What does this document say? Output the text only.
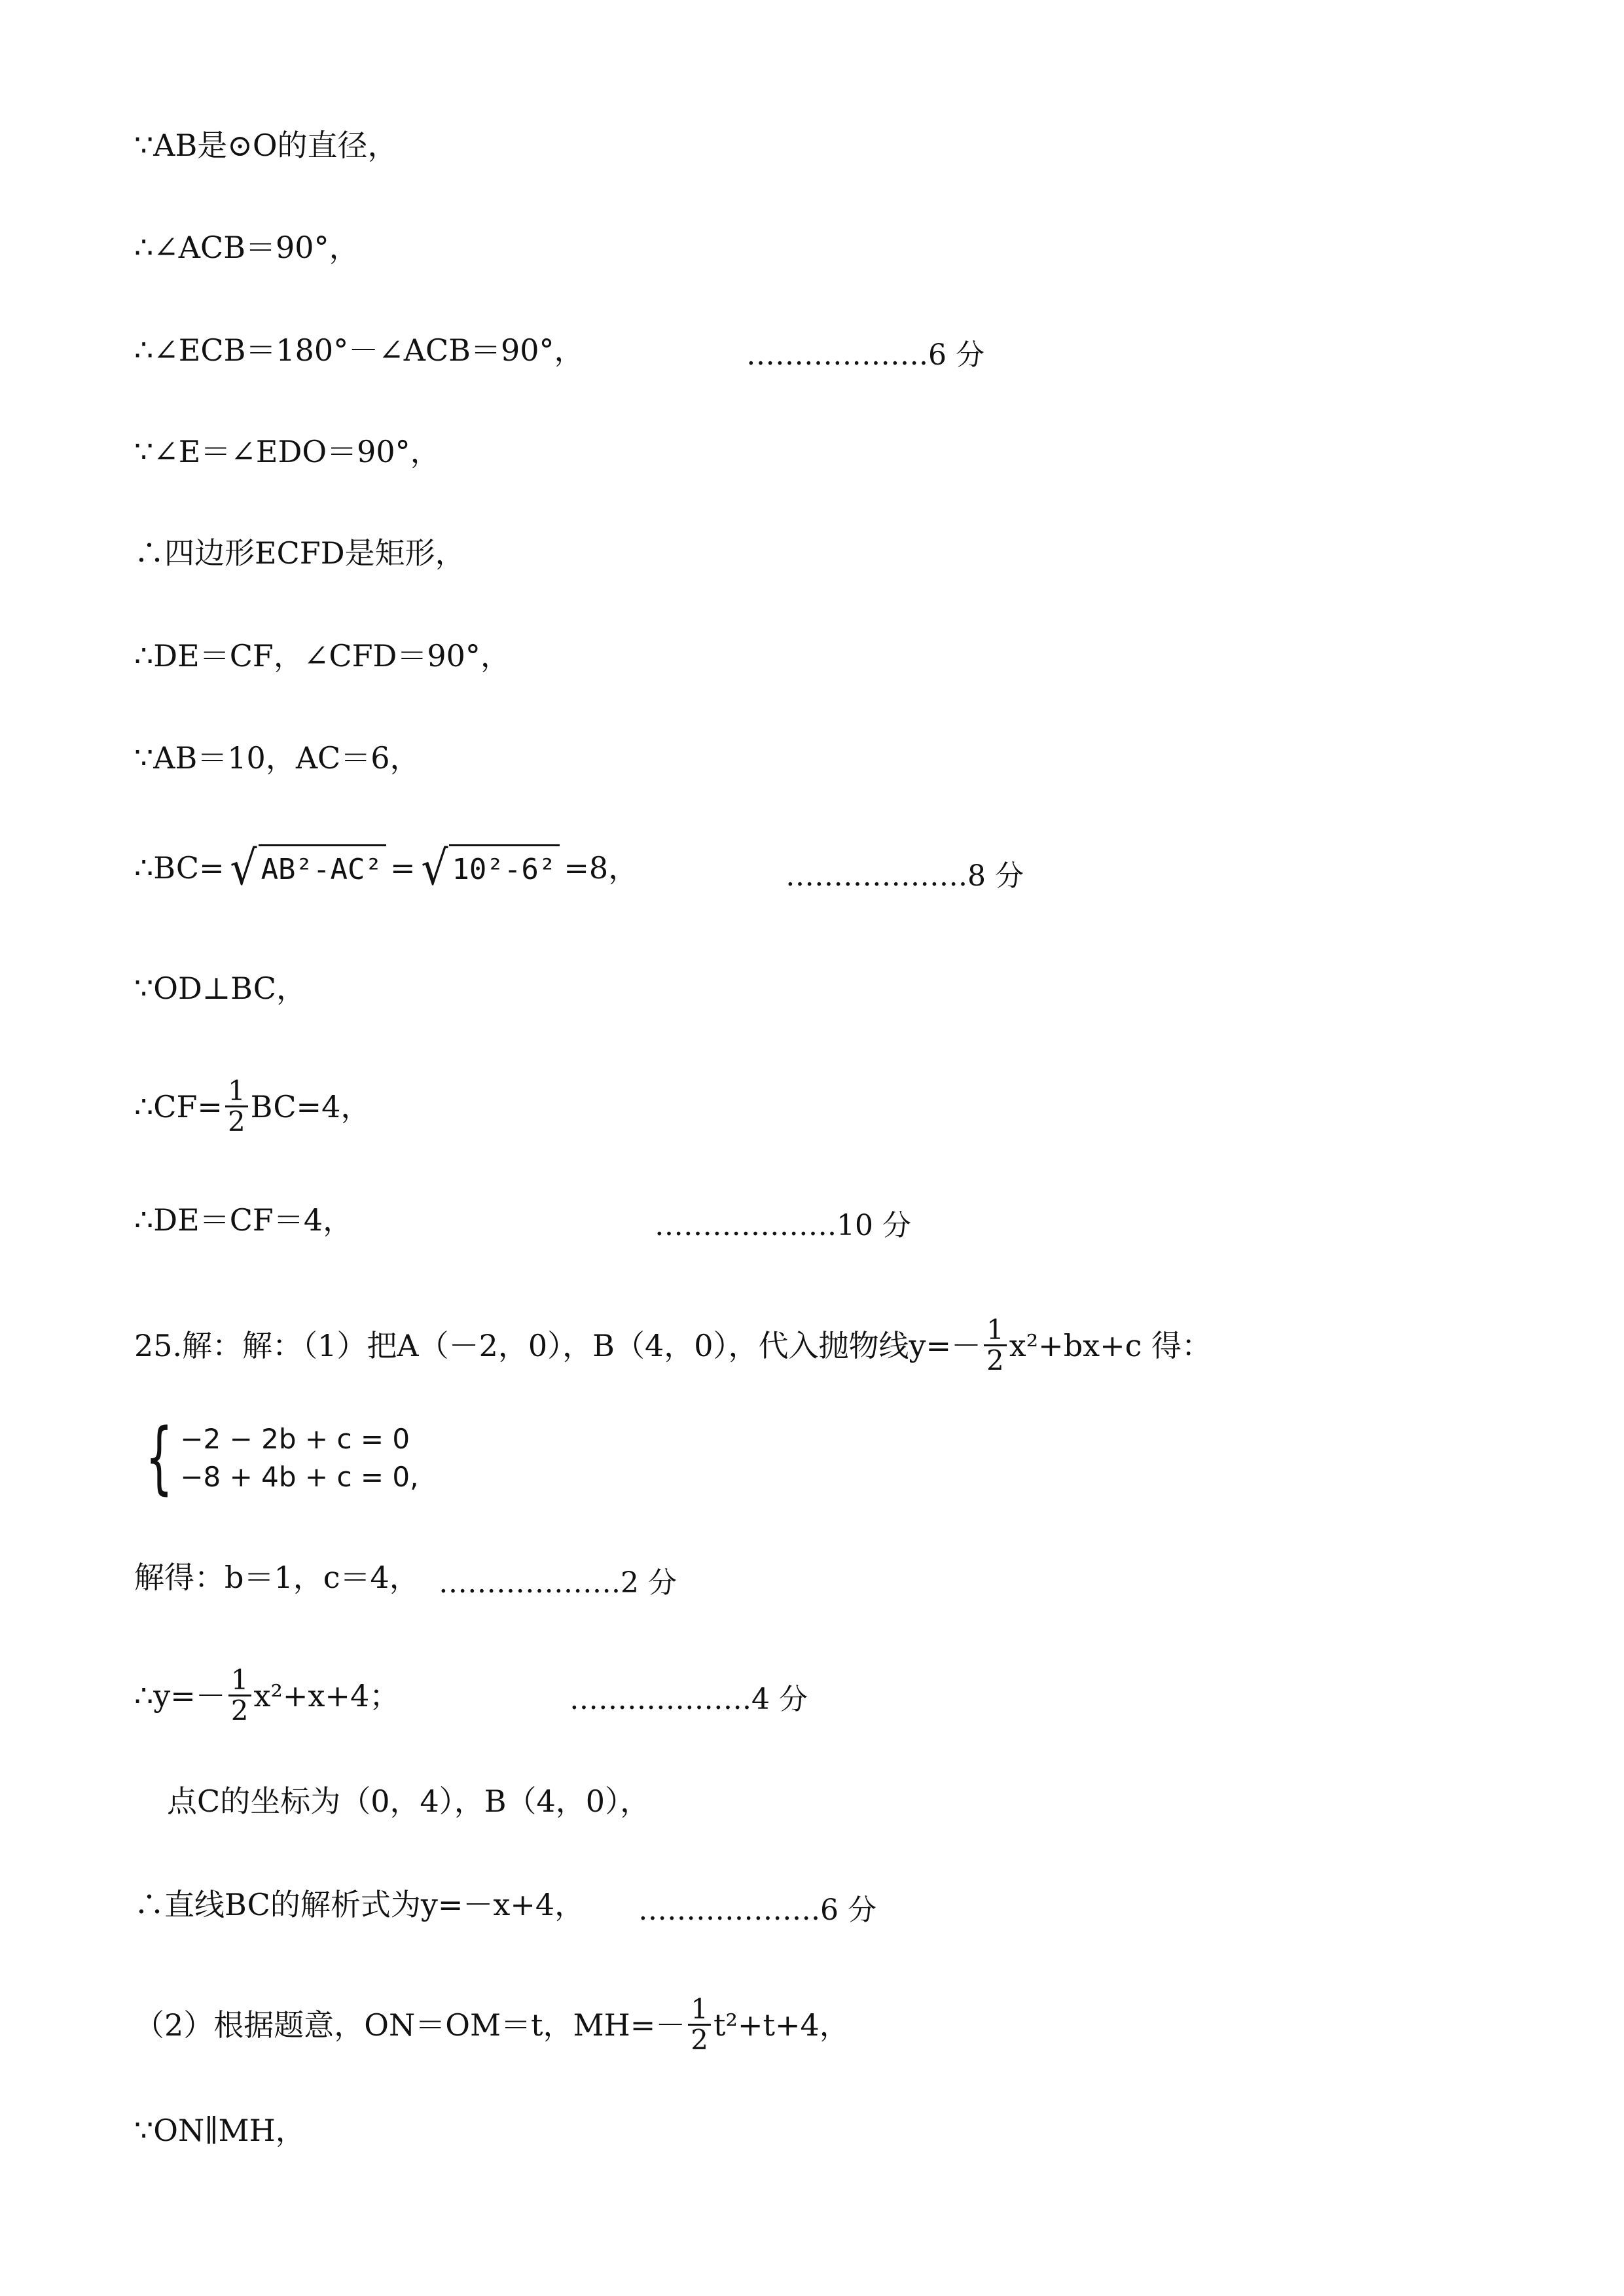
∵AB是⊙O的直径，
∴∠ACB＝90°，
∴∠ECB＝180°－∠ACB＝90°，	……………….6 分
∵∠E＝∠EDO＝90°，
∴四边形ECFD是矩形，
∴DE＝CF，∠CFD＝90°，
∵AB＝10，AC＝6，
∴BC= √ AB²-AC² = √ 10²-6² =8，	……………….8 分
∵OD⊥BC，
∴CF= $\frac{1}{2} BC=4$，
∴DE＝CF＝4，	……………….10 分
25.解：解：（1）把A（－2，0），B（4，0），代入抛物线$y=- \frac{1}{2} x^2+bx+c$ 得：
{ −2 − 2b + c = 0
−8 + 4b + c = 0,
解得：b＝1，c＝4， ……………….2 分
∴y=－ $\frac{1}{2} x^2+x+4$；	……………….4 分
点C的坐标为（0，4），B（4，0），
∴直线BC的解析式为y=－x+4， ……………….6 分
（2）根据题意，ON＝OM＝t，$MH=- \frac{1}{2} t^2+t+4$，
∵ON∥MH，
